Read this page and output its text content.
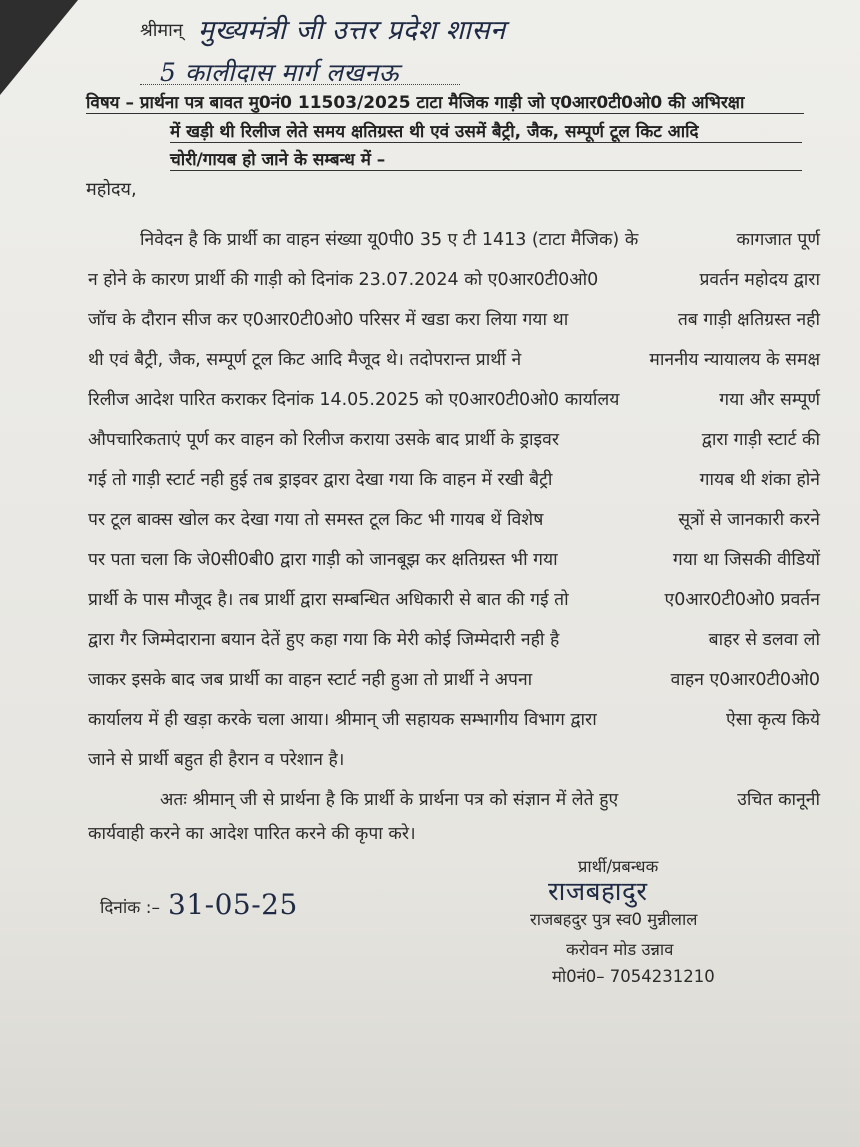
श्रीमान् मुख्यमंत्री जी उत्तर प्रदेश शासन
5 कालीदास मार्ग लखनऊ
विषय – प्रार्थना पत्र बावत मु0नं0 11503/2025 टाटा मैजिक गाड़ी जो ए0आर0टी0ओ0 की अभिरक्षा
में खड़ी थी रिलीज लेते समय क्षतिग्रस्त थी एवं उसमें बैट्री, जैक, सम्पूर्ण टूल किट आदि
चोरी/गायब हो जाने के सम्बन्ध में –
महोदय,
निवेदन है कि प्रार्थी का वाहन संख्या यू0पी0 35 ए टी 1413 (टाटा मैजिक) के	कागजात पूर्ण
न होने के कारण प्रार्थी की गाड़ी को दिनांक 23.07.2024 को ए0आर0टी0ओ0	प्रवर्तन महोदय द्वारा
जॉच के दौरान सीज कर ए0आर0टी0ओ0 परिसर में खडा करा लिया गया था	तब गाड़ी क्षतिग्रस्त नही
थी एवं बैट्री, जैक, सम्पूर्ण टूल किट आदि मैजूद थे। तदोपरान्त प्रार्थी ने	माननीय न्यायालय के समक्ष
रिलीज आदेश पारित कराकर दिनांक 14.05.2025 को ए0आर0टी0ओ0 कार्यालय	गया और सम्पूर्ण
औपचारिकताएं पूर्ण कर वाहन को रिलीज कराया उसके बाद प्रार्थी के ड्राइवर	द्वारा गाड़ी स्टार्ट की
गई तो गाड़ी स्टार्ट नही हुई तब ड्राइवर द्वारा देखा गया कि वाहन में रखी बैट्री	गायब थी शंका होने
पर टूल बाक्स खोल कर देखा गया तो समस्त टूल किट भी गायब थें विशेष	सूत्रों से जानकारी करने
पर पता चला कि जे0सी0बी0 द्वारा गाड़ी को जानबूझ कर क्षतिग्रस्त भी गया	गया था जिसकी वीडियों
प्रार्थी के पास मौजूद है। तब प्रार्थी द्वारा सम्बन्धित अधिकारी से बात की गई तो	ए0आर0टी0ओ0 प्रवर्तन
द्वारा गैर जिम्मेदाराना बयान देतें हुए कहा गया कि मेरी कोई जिम्मेदारी नही है	बाहर से डलवा लो
जाकर इसके बाद जब प्रार्थी का वाहन स्टार्ट नही हुआ तो प्रार्थी ने अपना	वाहन ए0आर0टी0ओ0
कार्यालय में ही खड़ा करके चला आया। श्रीमान् जी सहायक सम्भागीय विभाग द्वारा	ऐसा कृत्य किये
जाने से प्रार्थी बहुत ही हैरान व परेशान है।
अतः श्रीमान् जी से प्रार्थना है कि प्रार्थी के प्रार्थना पत्र को संज्ञान में लेते हुए	उचित कानूनी
कार्यवाही करने का आदेश पारित करने की कृपा करे।
दिनांक :– 31-05-25
प्रार्थी/प्रबन्धक
राजबहादुर
राजबहदुर पुत्र स्व0 मुन्नीलाल
करोवन मोड उन्नाव
मो0नं0– 7054231210
